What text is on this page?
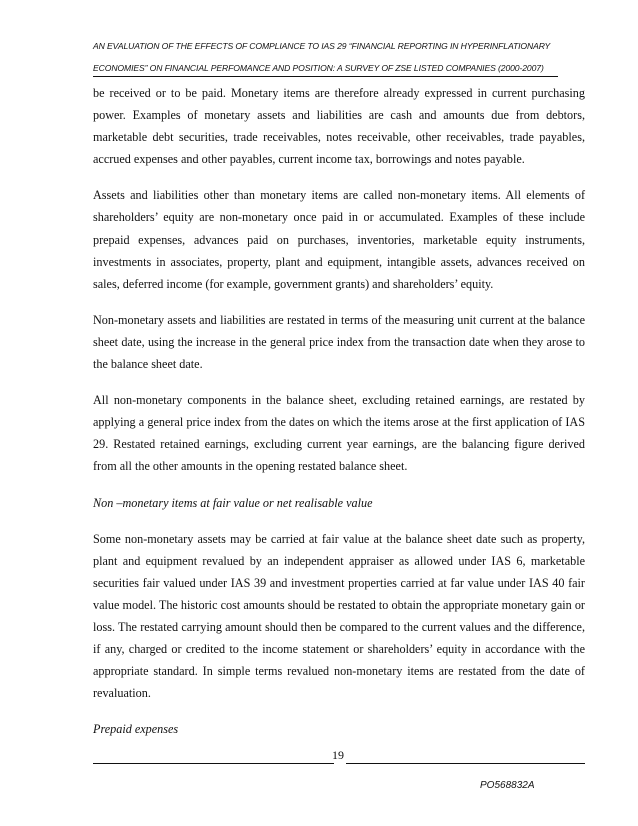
AN EVALUATION OF THE EFFECTS OF COMPLIANCE TO IAS 29 “FINANCIAL REPORTING IN HYPERINFLATIONARY
ECONOMIES” ON FINANCIAL PERFOMANCE AND POSITION: A SURVEY OF ZSE LISTED COMPANIES (2000-2007)

be received or to be paid. Monetary items are therefore already expressed in current purchasing power. Examples of monetary assets and liabilities are cash and amounts due from debtors, marketable debt securities, trade receivables, notes receivable, other receivables, trade payables, accrued expenses and other payables, current income tax, borrowings and notes payable.

Assets and liabilities other than monetary items are called non-monetary items. All elements of shareholders’ equity are non-monetary once paid in or accumulated. Examples of these include prepaid expenses, advances paid on purchases, inventories, marketable equity instruments, investments in associates, property, plant and equipment, intangible assets, advances received on sales, deferred income (for example, government grants) and shareholders’ equity.

Non-monetary assets and liabilities are restated in terms of the measuring unit current at the balance sheet date, using the increase in the general price index from the transaction date when they arose to the balance sheet date.

All non-monetary components in the balance sheet, excluding retained earnings, are restated by applying a general price index from the dates on which the items arose at the first application of IAS 29. Restated retained earnings, excluding current year earnings, are the balancing figure derived from all the other amounts in the opening restated balance sheet.

Non –monetary items at fair value or net realisable value

Some non-monetary assets may be carried at fair value at the balance sheet date such as property, plant and equipment revalued by an independent appraiser as allowed under IAS 6, marketable securities fair valued under IAS 39 and investment properties carried at far value under IAS 40 fair value model. The historic cost amounts should be restated to obtain the appropriate monetary gain or loss. The restated carrying amount should then be compared to the current values and the difference, if any, charged or credited to the income statement or shareholders’ equity in accordance with the appropriate standard. In simple terms revalued non-monetary items are restated from the date of revaluation.

Prepaid expenses

19
PO568832A
